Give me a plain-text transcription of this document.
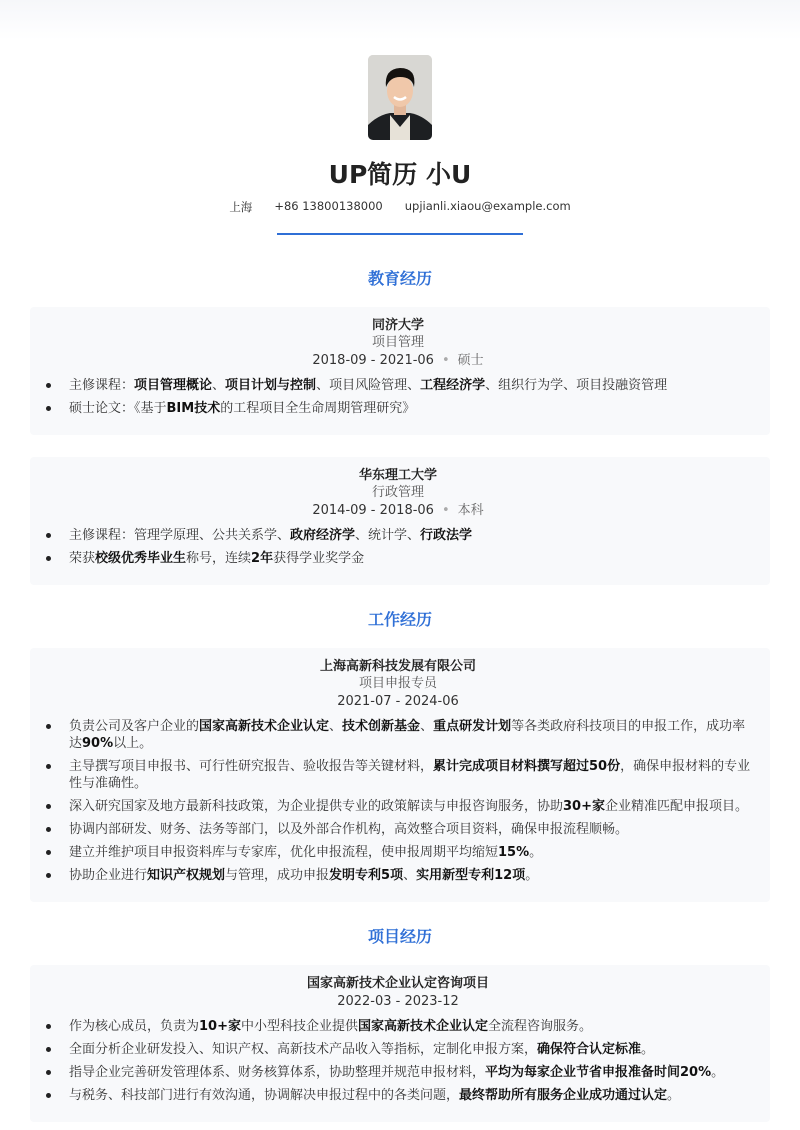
UP简历 小U
上海 +86 13800138000 upjianli.xiaou@example.com
教育经历
同济大学
项目管理
2018-09 - 2021-06 • 硕士
主修课程：项目管理概论、项目计划与控制、项目风险管理、工程经济学、组织行为学、项目投融资管理
硕士论文：《基于BIM技术的工程项目全生命周期管理研究》
华东理工大学
行政管理
2014-09 - 2018-06 • 本科
主修课程：管理学原理、公共关系学、政府经济学、统计学、行政法学
荣获校级优秀毕业生称号，连续2年获得学业奖学金
工作经历
上海高新科技发展有限公司
项目申报专员
2021-07 - 2024-06
负责公司及客户企业的国家高新技术企业认定、技术创新基金、重点研发计划等各类政府科技项目的申报工作，成功率达90%以上。
主导撰写项目申报书、可行性研究报告、验收报告等关键材料，累计完成项目材料撰写超过50份，确保申报材料的专业性与准确性。
深入研究国家及地方最新科技政策，为企业提供专业的政策解读与申报咨询服务，协助30+家企业精准匹配申报项目。
协调内部研发、财务、法务等部门，以及外部合作机构，高效整合项目资料，确保申报流程顺畅。
建立并维护项目申报资料库与专家库，优化申报流程，使申报周期平均缩短15%。
协助企业进行知识产权规划与管理，成功申报发明专利5项、实用新型专利12项。
项目经历
国家高新技术企业认定咨询项目
2022-03 - 2023-12
作为核心成员，负责为10+家中小型科技企业提供国家高新技术企业认定全流程咨询服务。
全面分析企业研发投入、知识产权、高新技术产品收入等指标，定制化申报方案，确保符合认定标准。
指导企业完善研发管理体系、财务核算体系，协助整理并规范申报材料，平均为每家企业节省申报准备时间20%。
与税务、科技部门进行有效沟通，协调解决申报过程中的各类问题，最终帮助所有服务企业成功通过认定。
